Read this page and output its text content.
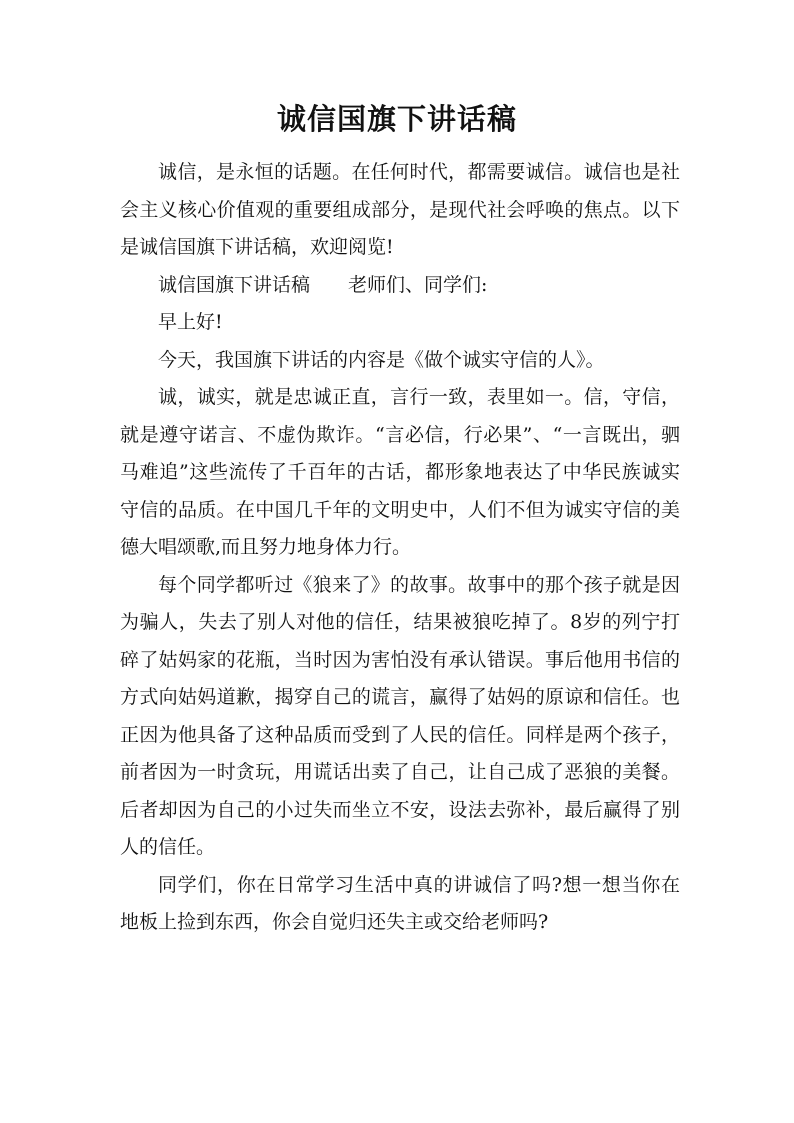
诚信国旗下讲话稿

诚信，是永恒的话题。在任何时代，都需要诚信。诚信也是社会主义核心价值观的重要组成部分，是现代社会呼唤的焦点。以下是诚信国旗下讲话稿，欢迎阅览!

诚信国旗下讲话稿　　老师们、同学们:

早上好!

今天，我国旗下讲话的内容是《做个诚实守信的人》。

诚，诚实，就是忠诚正直，言行一致，表里如一。信，守信，就是遵守诺言、不虚伪欺诈。“言必信，行必果”、“一言既出，驷马难追”这些流传了千百年的古话，都形象地表达了中华民族诚实守信的品质。在中国几千年的文明史中，人们不但为诚实守信的美德大唱颂歌,而且努力地身体力行。

每个同学都听过《狼来了》的故事。故事中的那个孩子就是因为骗人，失去了别人对他的信任，结果被狼吃掉了。8岁的列宁打碎了姑妈家的花瓶，当时因为害怕没有承认错误。事后他用书信的方式向姑妈道歉，揭穿自己的谎言，赢得了姑妈的原谅和信任。也正因为他具备了这种品质而受到了人民的信任。同样是两个孩子，前者因为一时贪玩，用谎话出卖了自己，让自己成了恶狼的美餐。后者却因为自己的小过失而坐立不安，设法去弥补，最后赢得了别人的信任。

同学们，你在日常学习生活中真的讲诚信了吗?想一想当你在地板上捡到东西，你会自觉归还失主或交给老师吗?
